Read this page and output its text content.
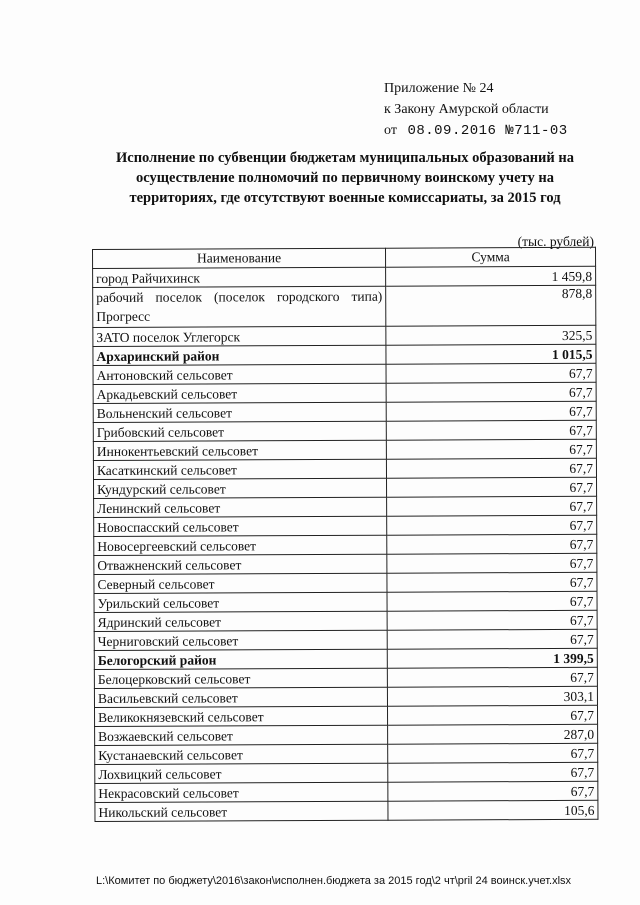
Приложение № 24
к Закону Амурской области
от 08.09.2016 №711-03
Исполнение по субвенции бюджетам муниципальных образований на осуществление полномочий по первичному воинскому учету на территориях, где отсутствуют военные комиссариаты, за 2015 год
(тыс. рублей)
Наименование	Сумма
город Райчихинск	1 459,8
рабочий поселок (поселок городского типа) Прогресс	878,8
ЗАТО поселок Углегорск	325,5
Архаринский район	1 015,5
Антоновский сельсовет	67,7
Аркадьевский сельсовет	67,7
Вольненский сельсовет	67,7
Грибовский сельсовет	67,7
Иннокентьевский сельсовет	67,7
Касаткинский сельсовет	67,7
Кундурский сельсовет	67,7
Ленинский сельсовет	67,7
Новоспасский сельсовет	67,7
Новосергеевский сельсовет	67,7
Отважненский сельсовет	67,7
Северный сельсовет	67,7
Урильский сельсовет	67,7
Ядринский сельсовет	67,7
Черниговский сельсовет	67,7
Белогорский район	1 399,5
Белоцерковский сельсовет	67,7
Васильевский сельсовет	303,1
Великокнязевский сельсовет	67,7
Возжаевский сельсовет	287,0
Кустанаевский сельсовет	67,7
Лохвицкий сельсовет	67,7
Некрасовский сельсовет	67,7
Никольский сельсовет	105,6
L:\Комитет по бюджету\2016\закон\исполнен.бюджета за 2015 год\2 чт\pril 24 воинск.учет.xlsx
